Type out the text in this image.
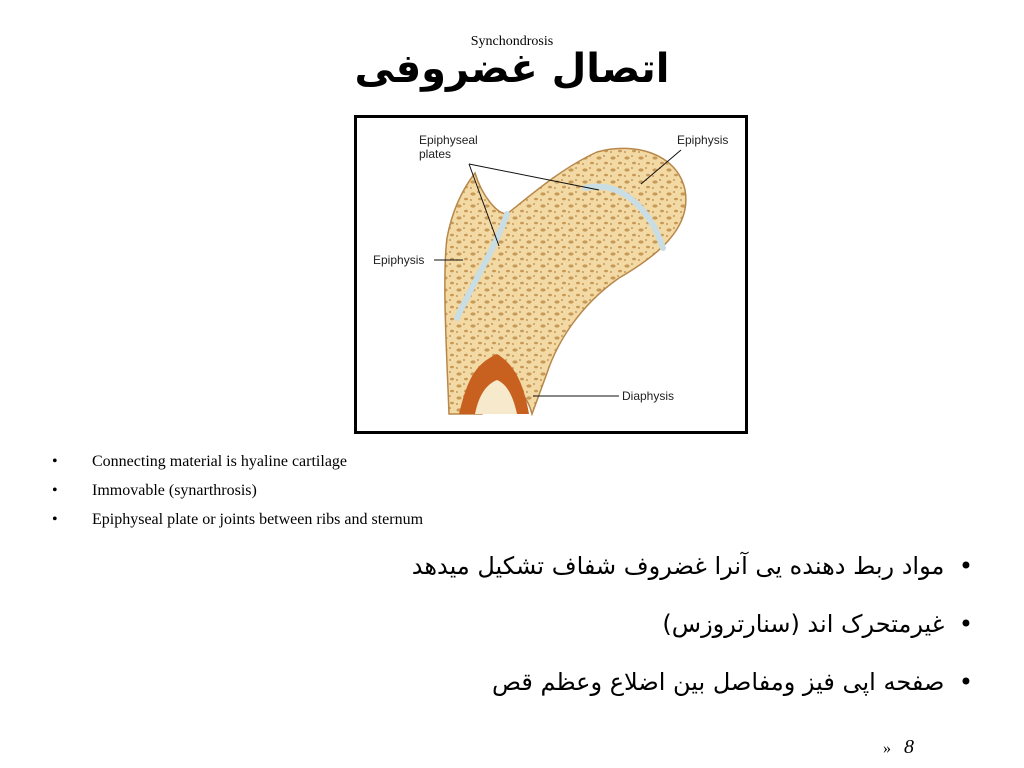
Synchondrosis
اتصال غضروفی
Epiphyseal
plates
Epiphysis
Epiphysis
Diaphysis
• Connecting material is hyaline cartilage
• Immovable (synarthrosis)
• Epiphyseal plate or joints between ribs and sternum
• مواد ربط دهنده یی آنرا غضروف شفاف تشکیل میدهد
• غیرمتحرک اند (سنارتروزس)
• صفحه اپی فیز ومفاصل بین اضلاع وعظم قص
» 8
